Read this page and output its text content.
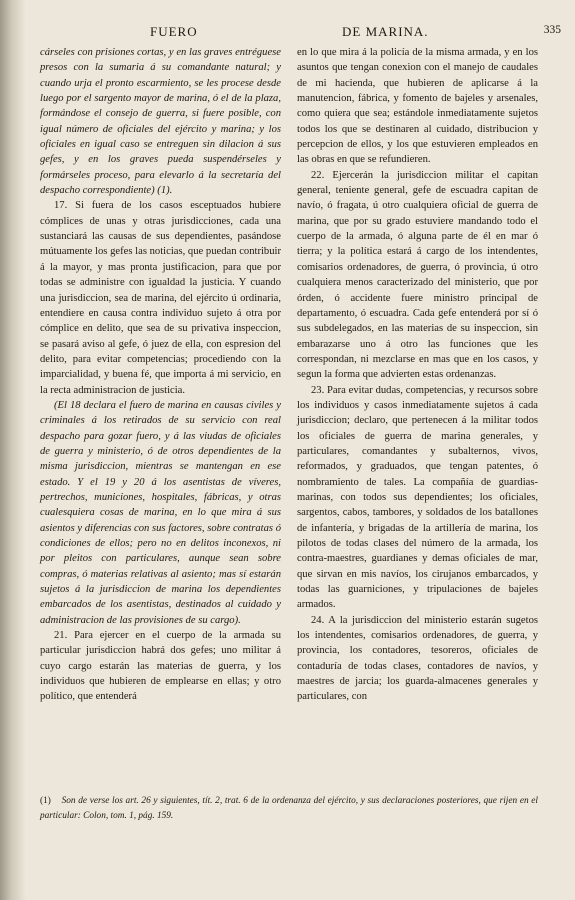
FUERO	DE MARINA.	335

cárseles con prisiones cortas, y en las graves entréguese presos con la sumaria á su comandante natural; y cuando urja el pronto escarmiento, se les procese desde luego por el sargento mayor de marina, ó el de la plaza, formándose el consejo de guerra, si fuere posible, con igual número de oficiales del ejército y marina; y los oficiales en igual caso se entreguen sin dilacion á sus gefes, y en los graves pueda suspendérseles y formárseles proceso, para elevarlo á la secretaría del despacho correspondiente) (1).

17. Si fuera de los casos esceptuados hubiere cómplices de unas y otras jurisdicciones, cada una sustanciará las causas de sus dependientes, pasándose mútuamente los gefes las noticias, que puedan contribuir á la mayor, y mas pronta justificacion, para que por todas se administre con igualdad la justicia. Y cuando una jurisdiccion, sea de marina, del ejército ú ordinaria, entendiere en causa contra individuo sujeto á otra por cómplice en delito, que sea de su privativa inspeccion, se pasará aviso al gefe, ó juez de ella, con espresion del delito, para evitar competencias; procediendo con la imparcialidad, y buena fé, que importa á mi servicio, en la recta administracion de justicia.

(El 18 declara el fuero de marina en causas civiles y criminales á los retirados de su servicio con real despacho para gozar fuero, y á las viudas de oficiales de guerra y ministerio, ó de otros dependientes de la misma jurisdiccion, mientras se mantengan en ese estado. Y el 19 y 20 á los asentistas de víveres, pertrechos, municiones, hospitales, fábricas, y otras cualesquiera cosas de marina, en lo que mira á sus asientos y diferencias con sus factores, sobre contratas ó condiciones de ellos; pero no en delitos inconexos, ni por pleitos con particulares, aunque sean sobre compras, ó materias relativas al asiento; mas sí estarán sujetos á la jurisdiccion de marina los dependientes embarcados de los asentistas, destinados al cuidado y administracion de las provisiones de su cargo).

21. Para ejercer en el cuerpo de la armada su particular jurisdiccion habrá dos gefes; uno militar á cuyo cargo estarán las materias de guerra, y los individuos que hubieren de emplearse en ellas; y otro político, que entenderá

en lo que mira á la policía de la misma armada, y en los asuntos que tengan conexion con el manejo de caudales de mi hacienda, que hubieren de aplicarse á la manutencion, fábrica, y fomento de bajeles y arsenales, como quiera que sea; estándole inmediatamente sujetos todos los que se destinaren al cuidado, distribucion y percepcion de ellos, y los que estuvieren empleados en las obras en que se refundieren.

22. Ejercerán la jurisdiccion militar el capitan general, teniente general, gefe de escuadra capitan de navío, ó fragata, ú otro cualquiera oficial de guerra de marina, que por su grado estuviere mandando todo el cuerpo de la armada, ó alguna parte de él en mar ó tierra; y la política estará á cargo de los intendentes, comisarios ordenadores, de guerra, ó provincia, ú otro cualquiera menos caracterizado del ministerio, que por órden, ó accidente fuere ministro principal de departamento, ó escuadra. Cada gefe entenderá por sí ó sus subdelegados, en las materias de su inspeccion, sin embarazarse uno á otro las funciones que les correspondan, ni mezclarse en mas que en los casos, y segun la forma que advierten estas ordenanzas.

23. Para evitar dudas, competencias, y recursos sobre los individuos y casos inmediatamente sujetos á cada jurisdiccion; declaro, que pertenecen á la militar todos los oficiales de guerra de marina generales, y particulares, comandantes y subalternos, vivos, reformados, y graduados, que tengan patentes, ó nombramiento de tales. La compañía de guardias-marinas, con todos sus dependientes; los oficiales, sargentos, cabos, tambores, y soldados de los batallones de infantería, y brigadas de la artillería de marina, los pilotos de todas clases del número de la armada, los contra-maestres, guardianes y demas oficiales de mar, que sirvan en mis navíos, los cirujanos embarcados, y todas las guarniciones, y tripulaciones de bajeles armados.

24. A la jurisdiccion del ministerio estarán sugetos los intendentes, comisarios ordenadores, de guerra, y provincia, los contadores, tesoreros, oficiales de contaduría de todas clases, contadores de navíos, y maestres de jarcia; los guarda-almacenes generales y particulares, con

(1) Son de verse los art. 26 y siguientes, tít. 2, trat. 6 de la ordenanza del ejército, y sus declaraciones posteriores, que rijen en el particular: Colon, tom. 1, pág. 159.
